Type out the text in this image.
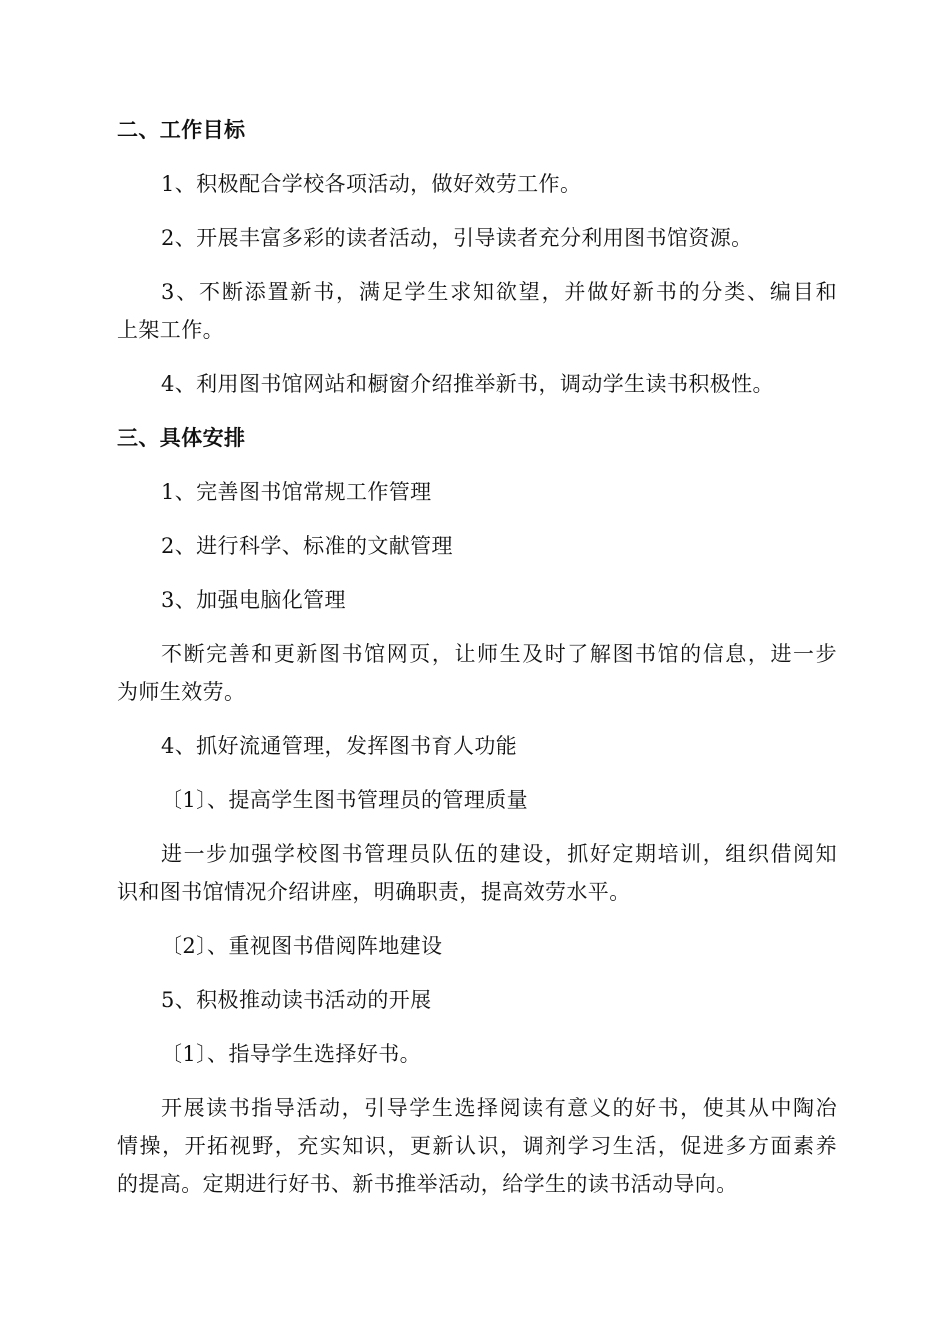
二、工作目标
1、积极配合学校各项活动，做好效劳工作。
2、开展丰富多彩的读者活动，引导读者充分利用图书馆资源。
3、不断添置新书，满足学生求知欲望，并做好新书的分类、编目和
上架工作。
4、利用图书馆网站和橱窗介绍推举新书，调动学生读书积极性。
三、具体安排
1、完善图书馆常规工作管理
2、进行科学、标准的文献管理
3、加强电脑化管理
不断完善和更新图书馆网页，让师生及时了解图书馆的信息，进一步
为师生效劳。
4、抓好流通管理，发挥图书育人功能
〔1〕、提高学生图书管理员的管理质量
进一步加强学校图书管理员队伍的建设，抓好定期培训，组织借阅知
识和图书馆情况介绍讲座，明确职责，提高效劳水平。
〔2〕、重视图书借阅阵地建设
5、积极推动读书活动的开展
〔1〕、指导学生选择好书。
开展读书指导活动，引导学生选择阅读有意义的好书，使其从中陶冶
情操，开拓视野，充实知识，更新认识，调剂学习生活，促进多方面素养
的提高。定期进行好书、新书推举活动，给学生的读书活动导向。
